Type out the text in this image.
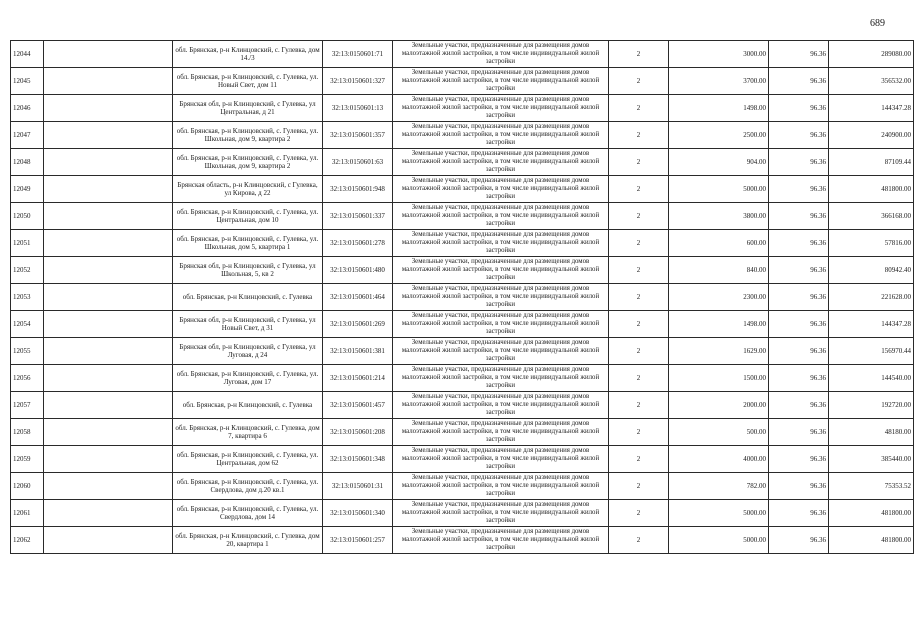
689
12044		обл. Брянская, р-н Клинцовский, с. Гулевка, дом 14./3	32:13:0150601:71	Земельные участки, предназначенные для размещения домов малоэтажной жилой застройки, в том числе индивидуальной жилой застройки	2	3000.00	96.36	289080.00
12045		обл. Брянская, р-н Клинцовский, с. Гулевка, ул. Новый Свет, дом 11	32:13:0150601:327	Земельные участки, предназначенные для размещения домов малоэтажной жилой застройки, в том числе индивидуальной жилой застройки	2	3700.00	96.36	356532.00
12046		Брянская обл, р-н Клинцовский, с Гулевка, ул Центральная, д 21	32:13:0150601:13	Земельные участки, предназначенные для размещения домов малоэтажной жилой застройки, в том числе индивидуальной жилой застройки	2	1498.00	96.36	144347.28
12047		обл. Брянская, р-н Клинцовский, с. Гулевка, ул. Школьная, дом 9, квартира 2	32:13:0150601:357	Земельные участки, предназначенные для размещения домов малоэтажной жилой застройки, в том числе индивидуальной жилой застройки	2	2500.00	96.36	240900.00
12048		обл. Брянская, р-н Клинцовский, с. Гулевка, ул. Школьная, дом 9, квартира 2	32:13:0150601:63	Земельные участки, предназначенные для размещения домов малоэтажной жилой застройки, в том числе индивидуальной жилой застройки	2	904.00	96.36	87109.44
12049		Брянская область, р-н Клинцовский, с Гулевка, ул Кирова, д 22	32:13:0150601:948	Земельные участки, предназначенные для размещения домов малоэтажной жилой застройки, в том числе индивидуальной жилой застройки	2	5000.00	96.36	481800.00
12050		обл. Брянская, р-н Клинцовский, с. Гулевка, ул. Центральная, дом 10	32:13:0150601:337	Земельные участки, предназначенные для размещения домов малоэтажной жилой застройки, в том числе индивидуальной жилой застройки	2	3800.00	96.36	366168.00
12051		обл. Брянская, р-н Клинцовский, с. Гулевка, ул. Школьная, дом 5, квартира 1	32:13:0150601:278	Земельные участки, предназначенные для размещения домов малоэтажной жилой застройки, в том числе индивидуальной жилой застройки	2	600.00	96.36	57816.00
12052		Брянская обл, р-н Клинцовский, с Гулевка, ул Школьная, 5, кв 2	32:13:0150601:480	Земельные участки, предназначенные для размещения домов малоэтажной жилой застройки, в том числе индивидуальной жилой застройки	2	840.00	96.36	80942.40
12053		обл. Брянская, р-н Клинцовский, с. Гулевка	32:13:0150601:464	Земельные участки, предназначенные для размещения домов малоэтажной жилой застройки, в том числе индивидуальной жилой застройки	2	2300.00	96.36	221628.00
12054		Брянская обл, р-н Клинцовский, с Гулевка, ул Новый Свет, д 31	32:13:0150601:269	Земельные участки, предназначенные для размещения домов малоэтажной жилой застройки, в том числе индивидуальной жилой застройки	2	1498.00	96.36	144347.28
12055		Брянская обл, р-н Клинцовский, с Гулевка, ул Луговая, д 24	32:13:0150601:381	Земельные участки, предназначенные для размещения домов малоэтажной жилой застройки, в том числе индивидуальной жилой застройки	2	1629.00	96.36	156970.44
12056		обл. Брянская, р-н Клинцовский, с. Гулевка, ул. Луговая, дом 17	32:13:0150601:214	Земельные участки, предназначенные для размещения домов малоэтажной жилой застройки, в том числе индивидуальной жилой застройки	2	1500.00	96.36	144540.00
12057		обл. Брянская, р-н Клинцовский, с. Гулевка	32:13:0150601:457	Земельные участки, предназначенные для размещения домов малоэтажной жилой застройки, в том числе индивидуальной жилой застройки	2	2000.00	96.36	192720.00
12058		обл. Брянская, р-н Клинцовский, с. Гулевка, дом 7, квартира 6	32:13:0150601:208	Земельные участки, предназначенные для размещения домов малоэтажной жилой застройки, в том числе индивидуальной жилой застройки	2	500.00	96.36	48180.00
12059		обл. Брянская, р-н Клинцовский, с. Гулевка, ул. Центральная, дом 62	32:13:0150601:348	Земельные участки, предназначенные для размещения домов малоэтажной жилой застройки, в том числе индивидуальной жилой застройки	2	4000.00	96.36	385440.00
12060		обл. Брянская, р-н Клинцовский, с. Гулевка, ул. Свердлова, дом д.20 кв.1	32:13:0150601:31	Земельные участки, предназначенные для размещения домов малоэтажной жилой застройки, в том числе индивидуальной жилой застройки	2	782.00	96.36	75353.52
12061		обл. Брянская, р-н Клинцовский, с. Гулевка, ул. Свердлова, дом 14	32:13:0150601:340	Земельные участки, предназначенные для размещения домов малоэтажной жилой застройки, в том числе индивидуальной жилой застройки	2	5000.00	96.36	481800.00
12062		обл. Брянская, р-н Клинцовский, с. Гулевка, дом 20, квартира 1	32:13:0150601:257	Земельные участки, предназначенные для размещения домов малоэтажной жилой застройки, в том числе индивидуальной жилой застройки	2	5000.00	96.36	481800.00
